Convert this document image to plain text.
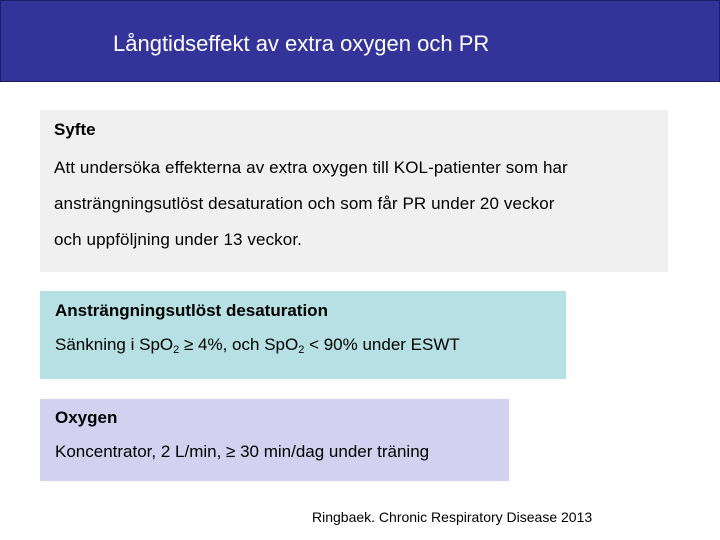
Långtidseffekt av extra oxygen och PR

Syfte

Att undersöka effekterna av extra oxygen till KOL-patienter som har

ansträngningsutlöst desaturation och som får PR under 20 veckor

och uppföljning under 13 veckor.

Ansträngningsutlöst desaturation

Sänkning i SpO$_2$ ≥ 4%, och SpO$_2$ < 90% under ESWT

Oxygen

Koncentrator, 2 L/min, ≥ 30 min/dag under träning

Ringbaek. Chronic Respiratory Disease 2013
